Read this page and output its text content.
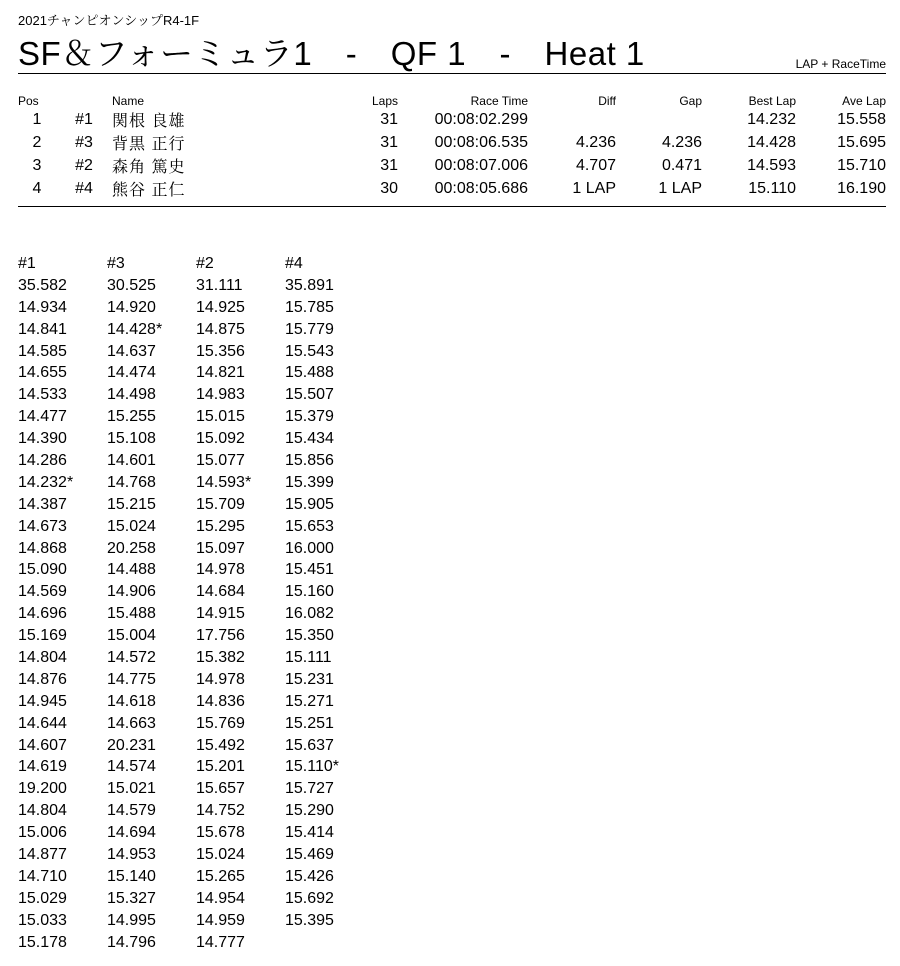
2021チャンピオンシップR4-1F
SF＆フォーミュラ1　-　QF 1　-　Heat 1	LAP + RaceTime
Pos		Name	Laps	Race Time	Diff	Gap	Best Lap	Ave Lap
1	#1	関根 良雄	31	00:08:02.299			14.232	15.558
2	#3	背黒 正行	31	00:08:06.535	4.236	4.236	14.428	15.695
3	#2	森角 篤史	31	00:08:07.006	4.707	0.471	14.593	15.710
4	#4	熊谷 正仁	30	00:08:05.686	1 LAP	1 LAP	15.110	16.190
#1	#3	#2	#4
35.582	30.525	31.111	35.891
14.934	14.920	14.925	15.785
14.841	14.428*	14.875	15.779
14.585	14.637	15.356	15.543
14.655	14.474	14.821	15.488
14.533	14.498	14.983	15.507
14.477	15.255	15.015	15.379
14.390	15.108	15.092	15.434
14.286	14.601	15.077	15.856
14.232*	14.768	14.593*	15.399
14.387	15.215	15.709	15.905
14.673	15.024	15.295	15.653
14.868	20.258	15.097	16.000
15.090	14.488	14.978	15.451
14.569	14.906	14.684	15.160
14.696	15.488	14.915	16.082
15.169	15.004	17.756	15.350
14.804	14.572	15.382	15.111
14.876	14.775	14.978	15.231
14.945	14.618	14.836	15.271
14.644	14.663	15.769	15.251
14.607	20.231	15.492	15.637
14.619	14.574	15.201	15.110*
19.200	15.021	15.657	15.727
14.804	14.579	14.752	15.290
15.006	14.694	15.678	15.414
14.877	14.953	15.024	15.469
14.710	15.140	15.265	15.426
15.029	15.327	14.954	15.692
15.033	14.995	14.959	15.395
15.178	14.796	14.777	
